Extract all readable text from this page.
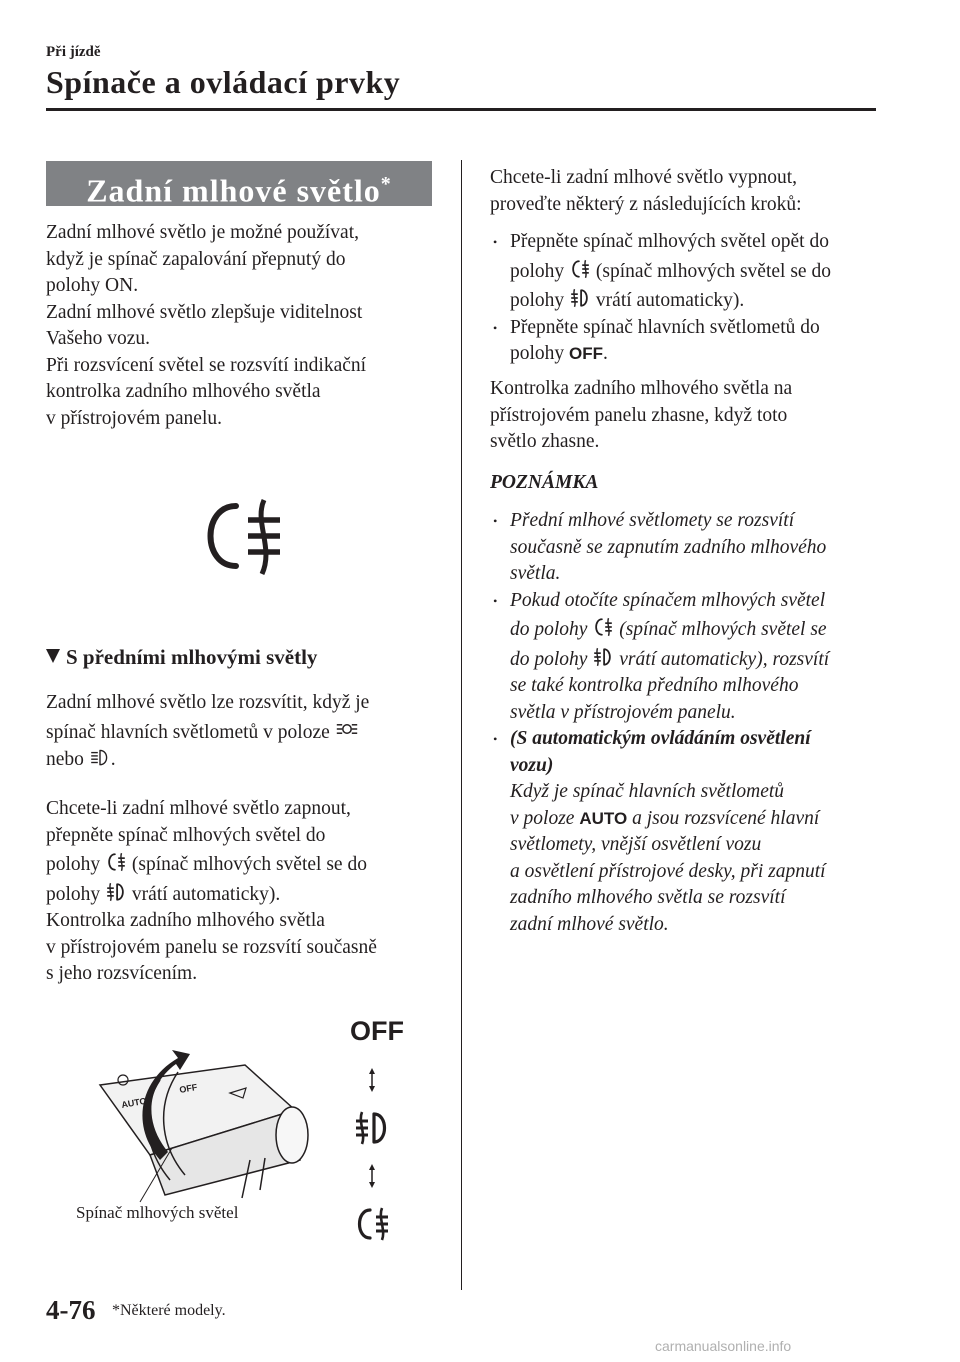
Při jízdě
Spínače a ovládací prvky
Zadní mlhové světlo*

Zadní mlhové světlo je možné používat,

když je spínač zapalování přepnutý do

polohy ON.

Zadní mlhové světlo zlepšuje viditelnost

Vašeho vozu.

Při rozsvícení světel se rozsvítí indikační

kontrolka zadního mlhového světla

v přístrojovém panelu.

S předními mlhovými světly

Zadní mlhové světlo lze rozsvítit, když je

spínač hlavních světlometů v poloze

nebo .

Chcete-li zadní mlhové světlo zapnout,

přepněte spínač mlhových světel do

polohy (spínač mlhových světel se do

polohy vrátí automaticky).

Kontrolka zadního mlhového světla

v přístrojovém panelu se rozsvítí současně

s jeho rozsvícením.

OFF
AUTO
OFF
Spínač mlhových světel

Chcete-li zadní mlhové světlo vypnout,

proveďte některý z následujících kroků:

• Přepněte spínač mlhových světel opět do
polohy (spínač mlhových světel se do
polohy vrátí automaticky).
• Přepněte spínač hlavních světlometů do
polohy OFF.

Kontrolka zadního mlhového světla na

přístrojovém panelu zhasne, když toto

světlo zhasne.

POZNÁMKA
• Přední mlhové světlomety se rozsvítí
současně se zapnutím zadního mlhového
světla.
• Pokud otočíte spínačem mlhových světel
do polohy (spínač mlhových světel se
do polohy vrátí automaticky), rozsvítí
se také kontrolka předního mlhového
světla v přístrojovém panelu.
• (S automatickým ovládáním osvětlení
vozu)
Když je spínač hlavních světlometů
v poloze AUTO a jsou rozsvícené hlavní
světlomety, vnější osvětlení vozu
a osvětlení přístrojové desky, při zapnutí
zadního mlhového světla se rozsvítí
zadní mlhové světlo.
4-76 *Některé modely.
carmanualsonline.info
